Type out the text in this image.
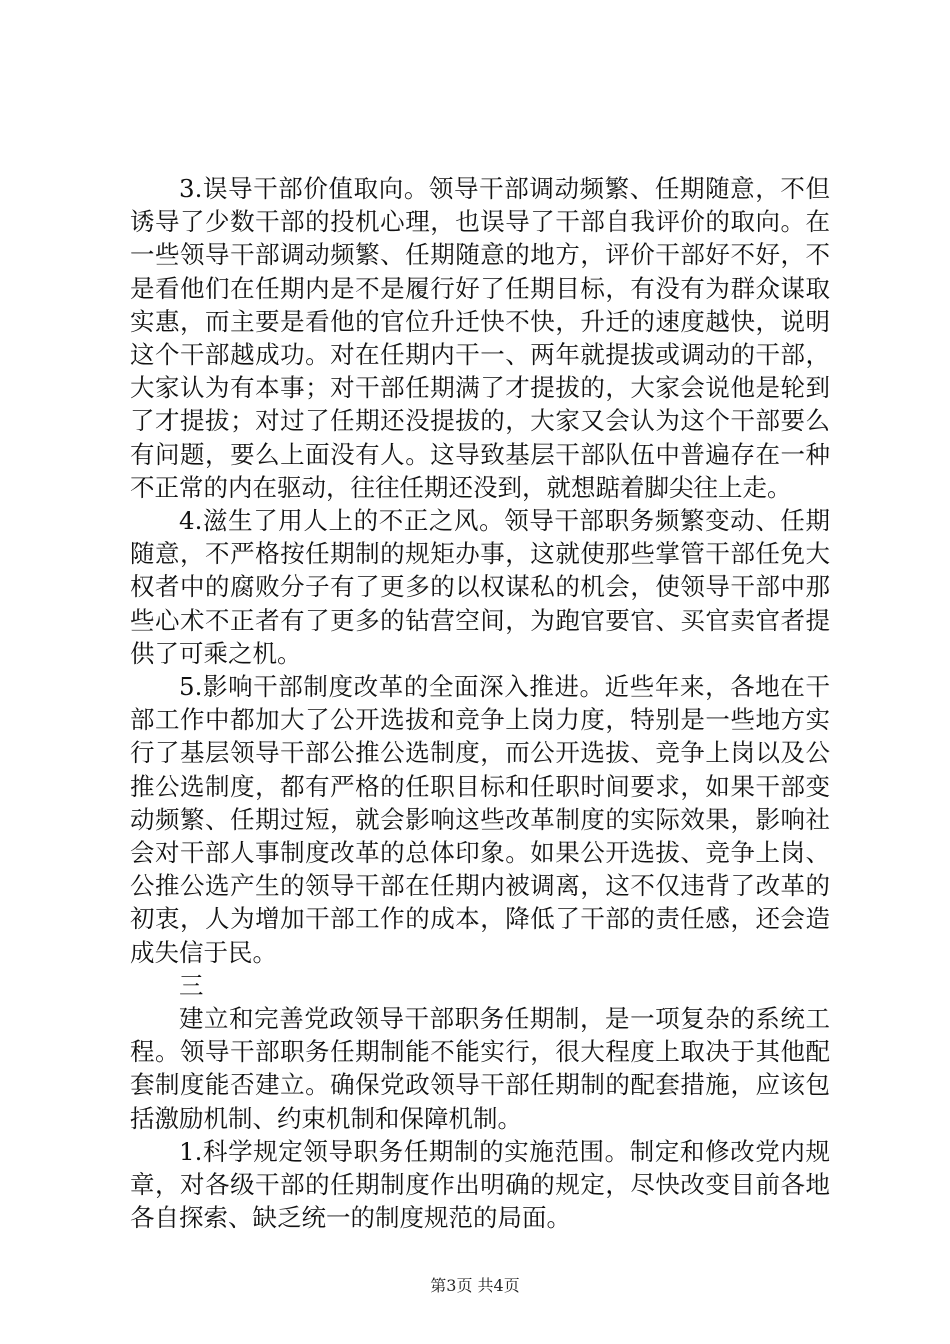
3.误导干部价值取向。领导干部调动频繁、任期随意，不但诱导了少数干部的投机心理，也误导了干部自我评价的取向。在一些领导干部调动频繁、任期随意的地方，评价干部好不好，不是看他们在任期内是不是履行好了任期目标，有没有为群众谋取实惠，而主要是看他的官位升迁快不快，升迁的速度越快，说明这个干部越成功。对在任期内干一、两年就提拔或调动的干部，大家认为有本事；对干部任期满了才提拔的，大家会说他是轮到了才提拔；对过了任期还没提拔的，大家又会认为这个干部要么有问题，要么上面没有人。这导致基层干部队伍中普遍存在一种不正常的内在驱动，往往任期还没到，就想踮着脚尖往上走。

4.滋生了用人上的不正之风。领导干部职务频繁变动、任期随意，不严格按任期制的规矩办事，这就使那些掌管干部任免大权者中的腐败分子有了更多的以权谋私的机会，使领导干部中那些心术不正者有了更多的钻营空间，为跑官要官、买官卖官者提供了可乘之机。

5.影响干部制度改革的全面深入推进。近些年来，各地在干部工作中都加大了公开选拔和竞争上岗力度，特别是一些地方实行了基层领导干部公推公选制度，而公开选拔、竞争上岗以及公推公选制度，都有严格的任职目标和任职时间要求，如果干部变动频繁、任期过短，就会影响这些改革制度的实际效果，影响社会对干部人事制度改革的总体印象。如果公开选拔、竞争上岗、公推公选产生的领导干部在任期内被调离，这不仅违背了改革的初衷，人为增加干部工作的成本，降低了干部的责任感，还会造成失信于民。

三

建立和完善党政领导干部职务任期制，是一项复杂的系统工程。领导干部职务任期制能不能实行，很大程度上取决于其他配套制度能否建立。确保党政领导干部任期制的配套措施，应该包括激励机制、约束机制和保障机制。

1.科学规定领导职务任期制的实施范围。制定和修改党内规章，对各级干部的任期制度作出明确的规定，尽快改变目前各地各自探索、缺乏统一的制度规范的局面。

第3页 共4页
